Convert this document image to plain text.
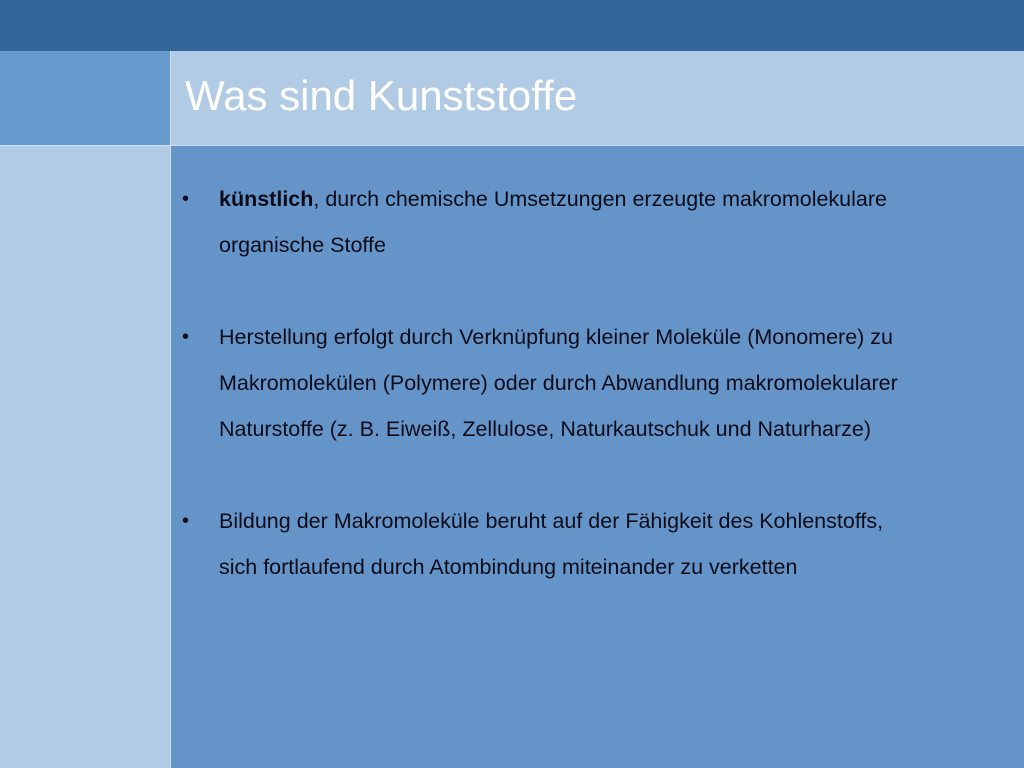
Was sind Kunststoffe
•	künstlich, durch chemische Umsetzungen erzeugte makromolekulare organische Stoffe
•	Herstellung erfolgt durch Verknüpfung kleiner Moleküle (Monomere) zu Makromolekülen (Polymere) oder durch Abwandlung makromolekularer Naturstoffe (z. B. Eiweiß, Zellulose, Naturkautschuk und Naturharze)
•	Bildung der Makromoleküle beruht auf der Fähigkeit des Kohlenstoffs, sich fortlaufend durch Atombindung miteinander zu verketten
